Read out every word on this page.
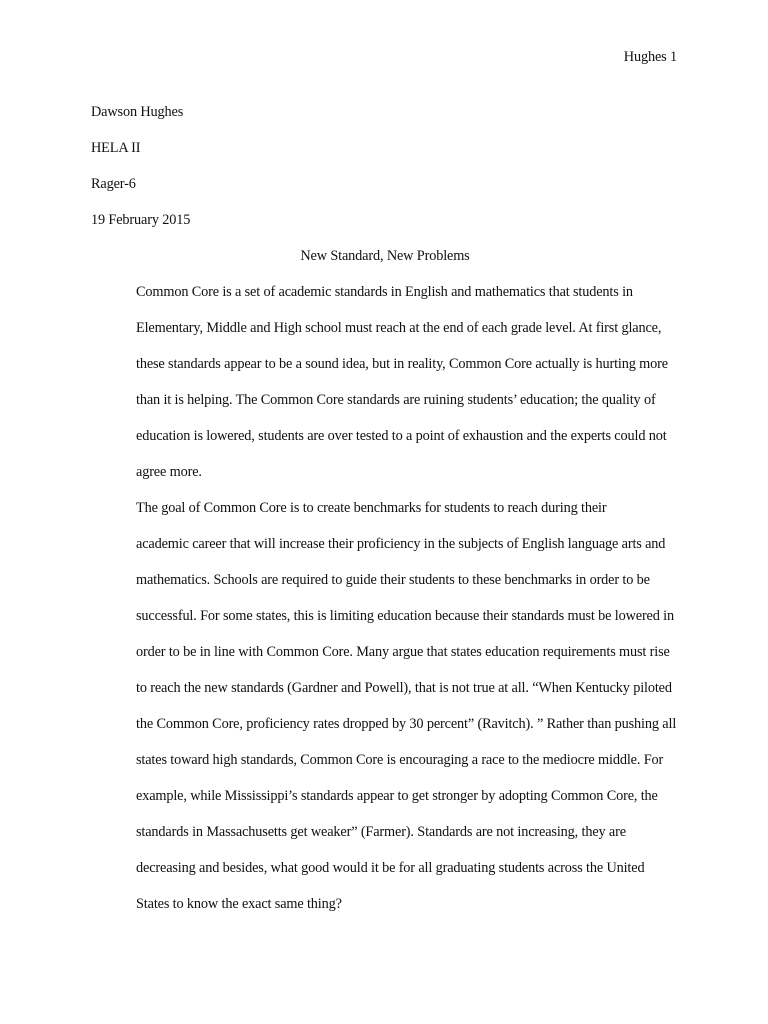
Hughes 1

Dawson Hughes

HELA II

Rager-6

19 February 2015

New Standard, New Problems

Common Core is a set of academic standards in English and mathematics that students in
Elementary, Middle and High school must reach at the end of each grade level. At first glance,
these standards appear to be a sound idea, but in reality, Common Core actually is hurting more
than it is helping. The Common Core standards are ruining students’ education; the quality of
education is lowered, students are over tested to a point of exhaustion and the experts could not
agree more.

The goal of Common Core is to create benchmarks for students to reach during their
academic career that will increase their proficiency in the subjects of English language arts and
mathematics. Schools are required to guide their students to these benchmarks in order to be
successful. For some states, this is limiting education because their standards must be lowered in
order to be in line with Common Core. Many argue that states education requirements must rise
to reach the new standards (Gardner and Powell), that is not true at all. “When Kentucky piloted
the Common Core, proficiency rates dropped by 30 percent” (Ravitch). ” Rather than pushing all
states toward high standards, Common Core is encouraging a race to the mediocre middle. For
example, while Mississippi’s standards appear to get stronger by adopting Common Core, the
standards in Massachusetts get weaker” (Farmer). Standards are not increasing, they are
decreasing and besides, what good would it be for all graduating students across the United
States to know the exact same thing?
